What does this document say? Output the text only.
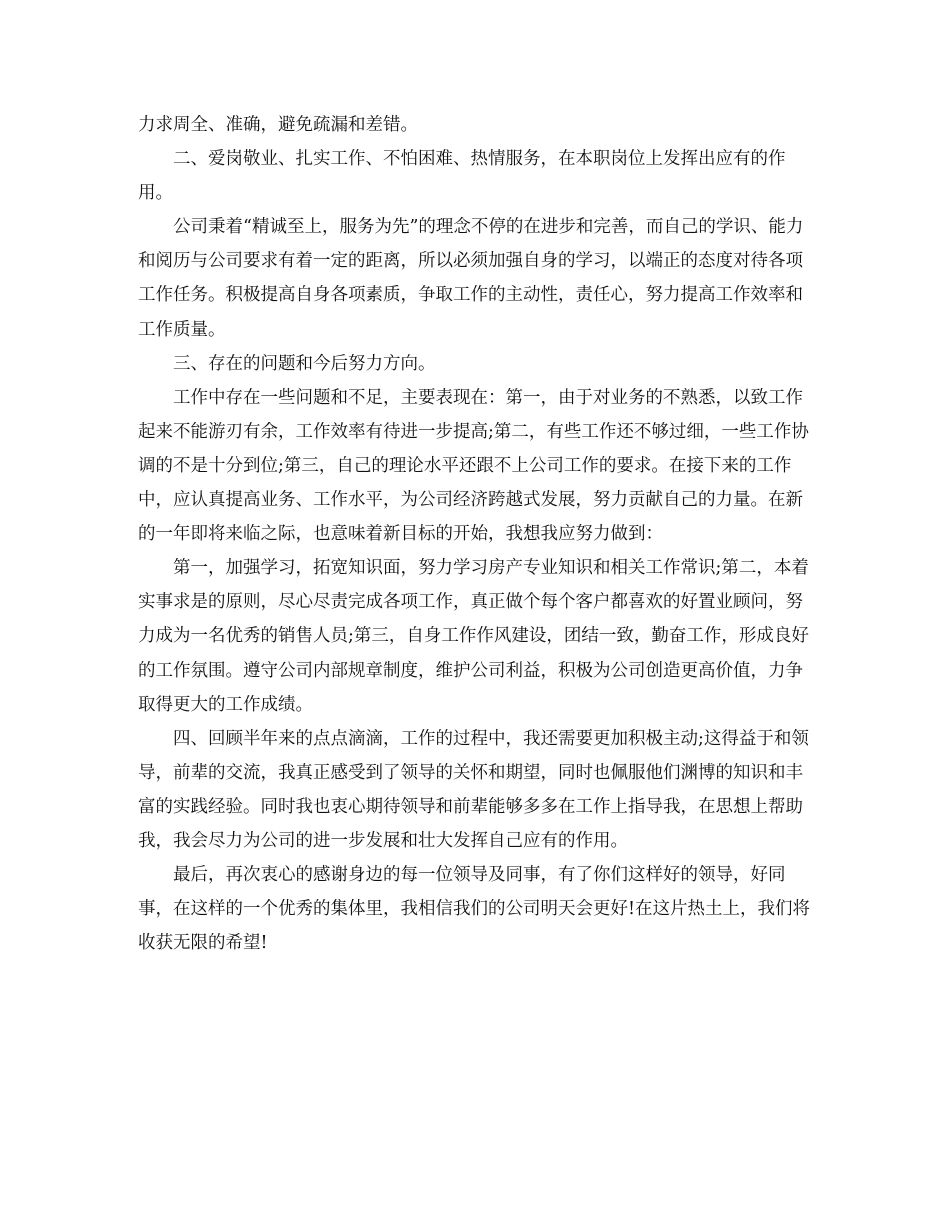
力求周全、准确，避免疏漏和差错。

二、爱岗敬业、扎实工作、不怕困难、热情服务，在本职岗位上发挥出应有的作用。

公司秉着“精诚至上，服务为先”的理念不停的在进步和完善，而自己的学识、能力和阅历与公司要求有着一定的距离，所以必须加强自身的学习，以端正的态度对待各项工作任务。积极提高自身各项素质，争取工作的主动性，责任心，努力提高工作效率和工作质量。

三、存在的问题和今后努力方向。

工作中存在一些问题和不足，主要表现在：第一，由于对业务的不熟悉，以致工作起来不能游刃有余，工作效率有待进一步提高;第二，有些工作还不够过细，一些工作协调的不是十分到位;第三，自己的理论水平还跟不上公司工作的要求。在接下来的工作中，应认真提高业务、工作水平，为公司经济跨越式发展，努力贡献自己的力量。在新的一年即将来临之际，也意味着新目标的开始，我想我应努力做到：

第一，加强学习，拓宽知识面，努力学习房产专业知识和相关工作常识;第二，本着实事求是的原则，尽心尽责完成各项工作，真正做个每个客户都喜欢的好置业顾问，努力成为一名优秀的销售人员;第三，自身工作作风建设，团结一致，勤奋工作，形成良好的工作氛围。遵守公司内部规章制度，维护公司利益，积极为公司创造更高价值，力争取得更大的工作成绩。

四、回顾半年来的点点滴滴，工作的过程中，我还需要更加积极主动;这得益于和领导，前辈的交流，我真正感受到了领导的关怀和期望，同时也佩服他们渊博的知识和丰富的实践经验。同时我也衷心期待领导和前辈能够多多在工作上指导我，在思想上帮助我，我会尽力为公司的进一步发展和壮大发挥自己应有的作用。

最后，再次衷心的感谢身边的每一位领导及同事，有了你们这样好的领导，好同事，在这样的一个优秀的集体里，我相信我们的公司明天会更好!在这片热土上，我们将收获无限的希望!
